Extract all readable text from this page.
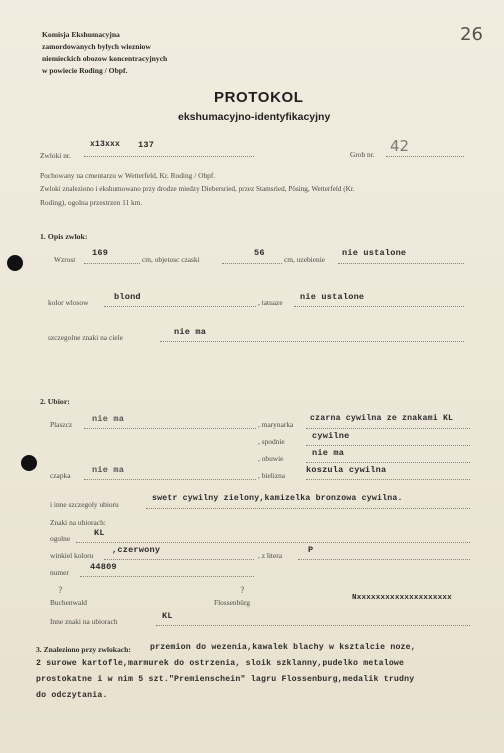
Komisja Ekshumacyjna
zamordowanych bylych wiezniow
niemieckich obozow koncentracyjnych
w powiecie Roding / Obpf.
26
PROTOKOL
ekshumacyjno-identyfikacyjny
Zwloki nr.
x13xxx 137
Grob nr. 42
Pochowany na cmentarzu w Wetterfeld, Kr. Roding / Obpf.
Zwloki znaleziono i ekshumowano przy drodze miedzy Diebersried, przez Stamsried, Pösing, Wetterfeld (Kr.
Roding), ogolna przestrzen 11 km.
1. Opis zwlok:
Wzrost
169
cm, objetosc czaski
56
cm, uzebienie
nie ustalone
kolor wlosow
blond
, tatuaze
nie ustalone
szczegolne znaki na ciele
nie ma
2. Ubior:
Plaszcz
nie ma
, marynarka
czarna cywilna ze znakami KL
, spodnie
cywilne
, obuwie
nie ma
czapka
nie ma
, bielizna
koszula cywilna
i inne szczegoly ubioru
swetr cywilny zielony,kamizelka bronzowa cywilna.
Znaki na ubiorach:
ogolne
KL
winkiel koloru
,czerwony
, z litera
P
numer
44809
Buchenwald
?
Flossenbürg
?
Nxxxxxxxxxxxxxxxxxxxx
Inne znaki na ubiorach
KL
3. Znaleziono przy zwlokach: przemion do wezenia,kawalek blachy w ksztalcie noze,
2 surowe kartofle,marmurek do ostrzenia, sloik szklanny,pudelko metalowe
prostokatne i w nim 5 szt."Premienschein" lagru Flossenburg,medalik trudny
do odczytania.
